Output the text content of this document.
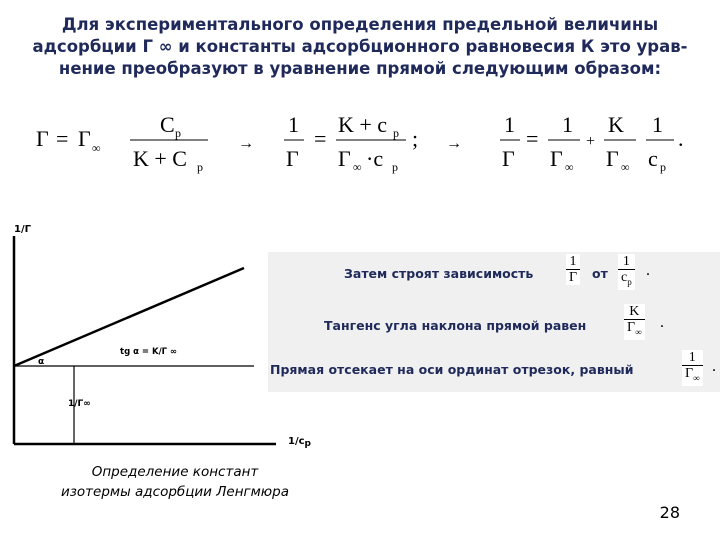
Для экспериментального определения предельной величины
адсорбции Г ∞ и константы адсорбционного равновесия К это урав-
нение преобразуют в уравнение прямой следующим образом:
Г = Г ∞
C p
K + C p
→
1
Г
=
K + c p
Г ∞ ·c p
; →
1
Г
=
1
Г ∞
+
K
Г ∞
1
c p
.
1/Г
1/cp
α
tg α = K/Г ∞
1/Г∞
Определение констант
изотермы адсорбции Ленгмюра
Затем строят зависимость
1
Г от
1
$c_p$
.
Тангенс угла наклона прямой равен
K
$Г_\infty$
.
Прямая отсекает на оси ординат отрезок, равный
1
$Г_\infty$
.
28
